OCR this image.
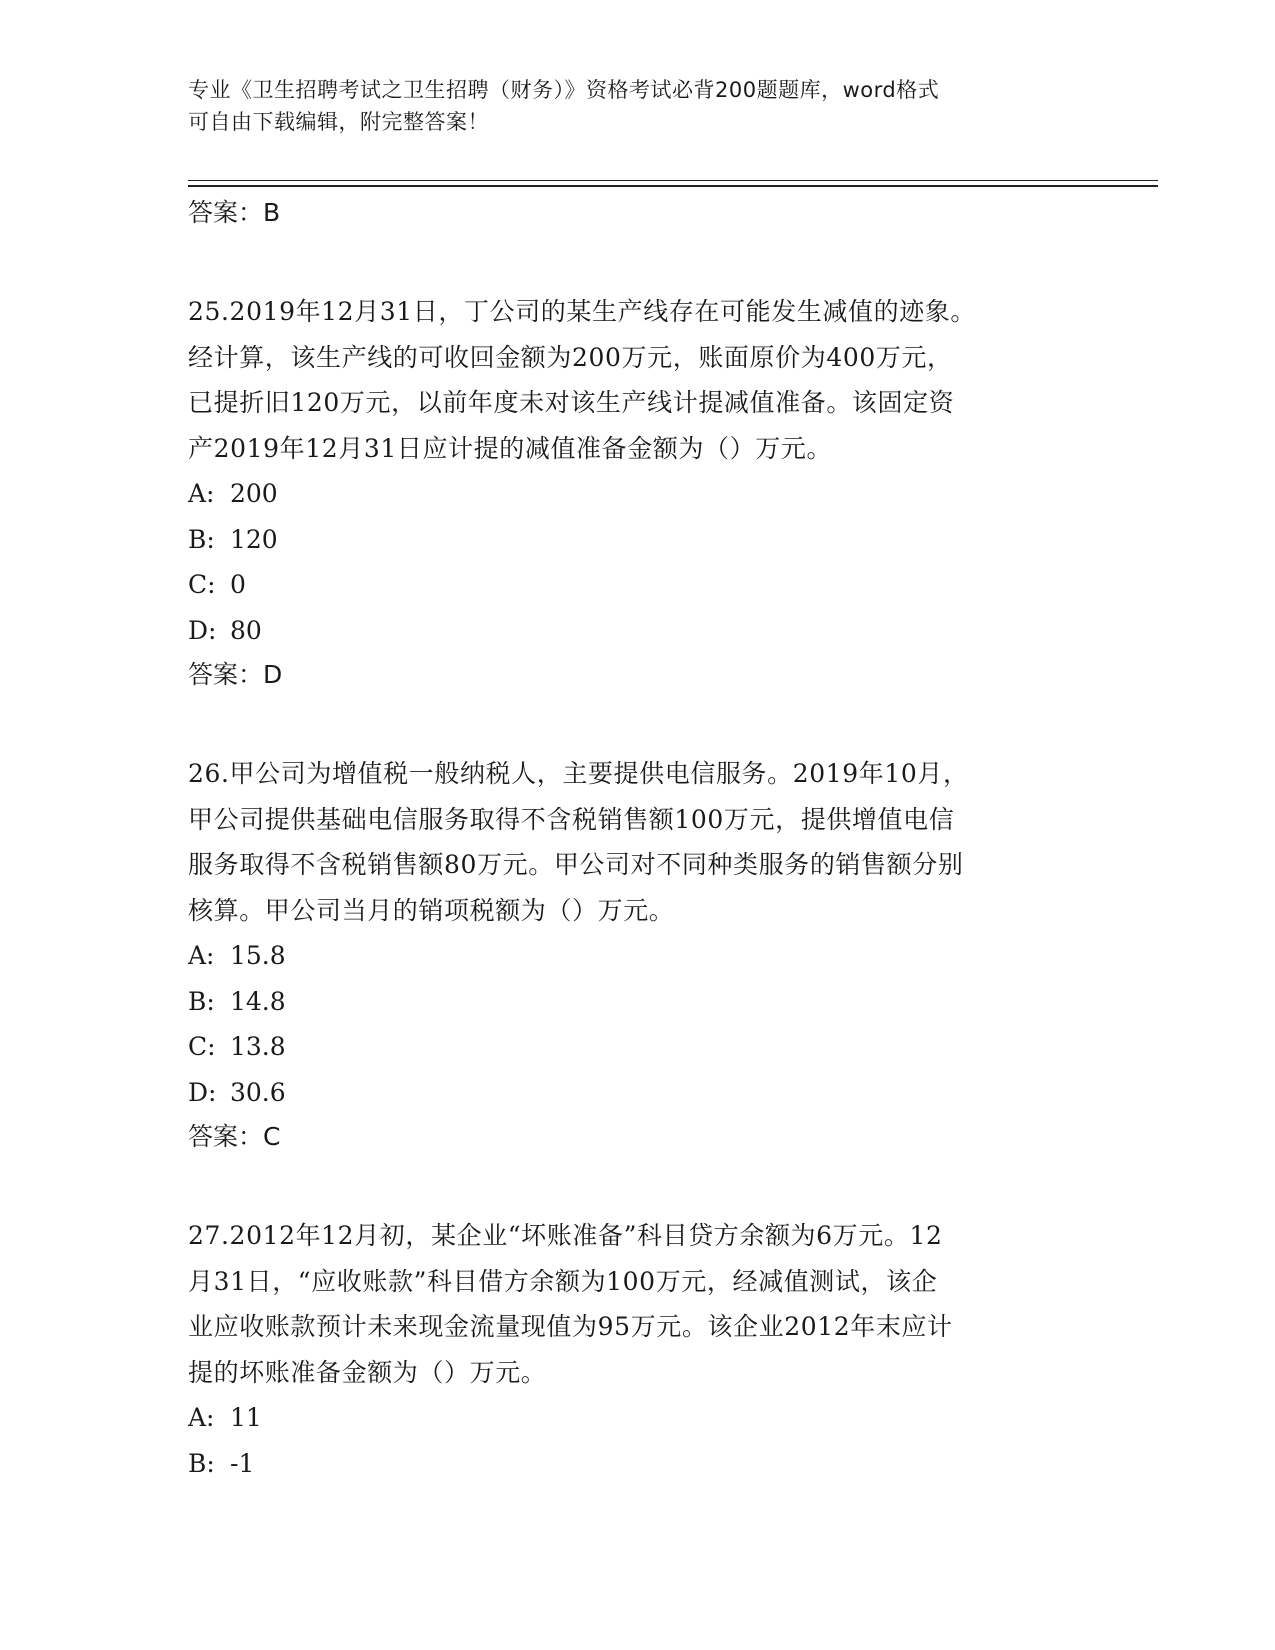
专业《卫生招聘考试之卫生招聘（财务）》资格考试必背200题题库，word格式
可自由下载编辑，附完整答案！
答案：B

25.2019年12月31日，丁公司的某生产线存在可能发生减值的迹象。

经计算，该生产线的可收回金额为200万元，账面原价为400万元，

已提折旧120万元，以前年度未对该生产线计提减值准备。该固定资

产2019年12月31日应计提的减值准备金额为（）万元。

A: 200
B: 120
C: 0
D: 80
答案：D

26.甲公司为增值税一般纳税人，主要提供电信服务。2019年10月，

甲公司提供基础电信服务取得不含税销售额100万元，提供增值电信

服务取得不含税销售额80万元。甲公司对不同种类服务的销售额分别

核算。甲公司当月的销项税额为（）万元。

A: 15.8
B: 14.8
C: 13.8
D: 30.6
答案：C

27.2012年12月初，某企业“坏账准备”科目贷方余额为6万元。12

月31日，“应收账款”科目借方余额为100万元，经减值测试，该企

业应收账款预计未来现金流量现值为95万元。该企业2012年末应计

提的坏账准备金额为（）万元。

A: 11
B: -1
